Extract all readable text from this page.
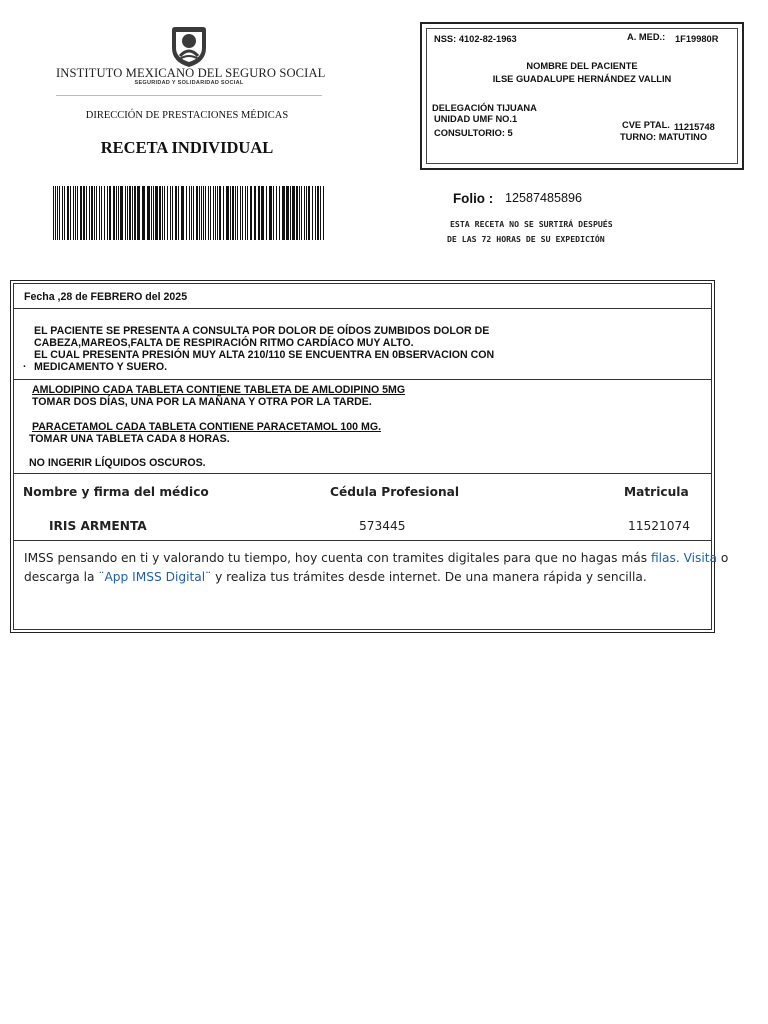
INSTITUTO MEXICANO DEL SEGURO SOCIAL
SEGURIDAD Y SOLIDARIDAD SOCIAL
DIRECCIÓN DE PRESTACIONES MÉDICAS
RECETA INDIVIDUAL
NSS: 4102-82-1963	A. MED.: 1F19980R
NOMBRE DEL PACIENTE
ILSE GUADALUPE HERNÁNDEZ VALLIN
DELEGACIÓN TIJUANA
UNIDAD UMF NO.1
CONSULTORIO: 5
CVE PTAL. 11215748
TURNO: MATUTINO
Folio : 12587485896
ESTA RECETA NO SE SURTIRÁ DESPUÉS
DE LAS 72 HORAS DE SU EXPEDICIÓN
Fecha ,28 de FEBRERO del 2025
EL PACIENTE SE PRESENTA A CONSULTA POR DOLOR DE OÍDOS ZUMBIDOS DOLOR DE
CABEZA,MAREOS,FALTA DE RESPIRACIÓN RITMO CARDÍACO MUY ALTO.
EL CUAL PRESENTA PRESIÓN MUY ALTA 210/110 SE ENCUENTRA EN 0BSERVACION CON
· MEDICAMENTO Y SUERO.
AMLODIPINO CADA TABLETA CONTIENE TABLETA DE AMLODIPINO 5MG
TOMAR DOS DÍAS, UNA POR LA MAÑANA Y OTRA POR LA TARDE.
PARACETAMOL CADA TABLETA CONTIENE PARACETAMOL 100 MG.
TOMAR UNA TABLETA CADA 8 HORAS.
NO INGERIR LÍQUIDOS OSCUROS.
Nombre y firma del médico	Cédula Profesional	Matricula
IRIS ARMENTA	573445	11521074
IMSS pensando en ti y valorando tu tiempo, hoy cuenta con tramites digitales para que no hagas más filas. Visita o
descarga la ¨App IMSS Digital¨ y realiza tus trámites desde internet. De una manera rápida y sencilla.
